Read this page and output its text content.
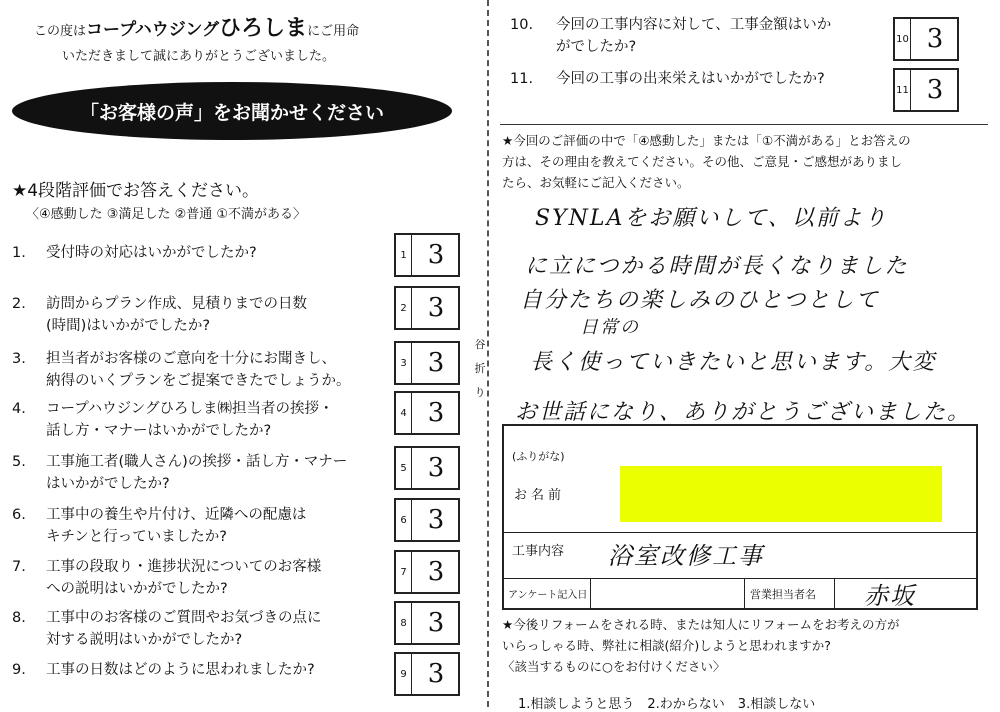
この度はコープハウジングひろしまにご用命
いただきまして誠にありがとうございました。
「お客様の声」をお聞かせください
★4段階評価でお答えください。
〈④感動した ③満足した ②普通 ①不満がある〉
1.	受付時の対応はいかがでしたか?	1 3
2.	訪問からプラン作成、見積りまでの日数
(時間)はいかがでしたか?
2 3
3.	担当者がお客様のご意向を十分にお聞きし、
納得のいくプランをご提案できたでしょうか。
3 3
4.	コープハウジングひろしま㈱担当者の挨拶・
話し方・マナーはいかがでしたか?
4 3
5.	工事施工者(職人さん)の挨拶・話し方・マナー
はいかがでしたか?
5 3
6.	工事中の養生や片付け、近隣への配慮は
キチンと行っていましたか?
6 3
7.	工事の段取り・進捗状況についてのお客様
への説明はいかがでしたか?
7 3
8.	工事中のお客様のご質問やお気づきの点に
対する説明はいかがでしたか?
8 3
9.	工事の日数はどのように思われましたか?	9 3
谷
折
り
10.	今回の工事内容に対して、工事金額はいか
がでしたか?	10 3
11.	今回の工事の出来栄えはいかがでしたか?
11 3
★今回のご評価の中で「④感動した」または「①不満がある」とお答えの
方は、その理由を教えてください。その他、ご意見・ご感想がありまし
たら、お気軽にご記入ください。
SYNLAをお願いして、以前より
に立につかる時間が長くなりました
自分たちの楽しみのひとつとして
日常の
長く使っていきたいと思います。大変
お世話になり、ありがとうございました。
(ふりがな)
お名前
工事内容 浴室改修工事
アンケート記入日	営業担当者名 赤坂
★今後リフォームをされる時、または知人にリフォームをお考えの方が
いらっしゃる時、弊社に相談(紹介)しようと思われますか?
〈該当するものに○をお付けください〉
1.相談しようと思う　2.わからない　3.相談しない
